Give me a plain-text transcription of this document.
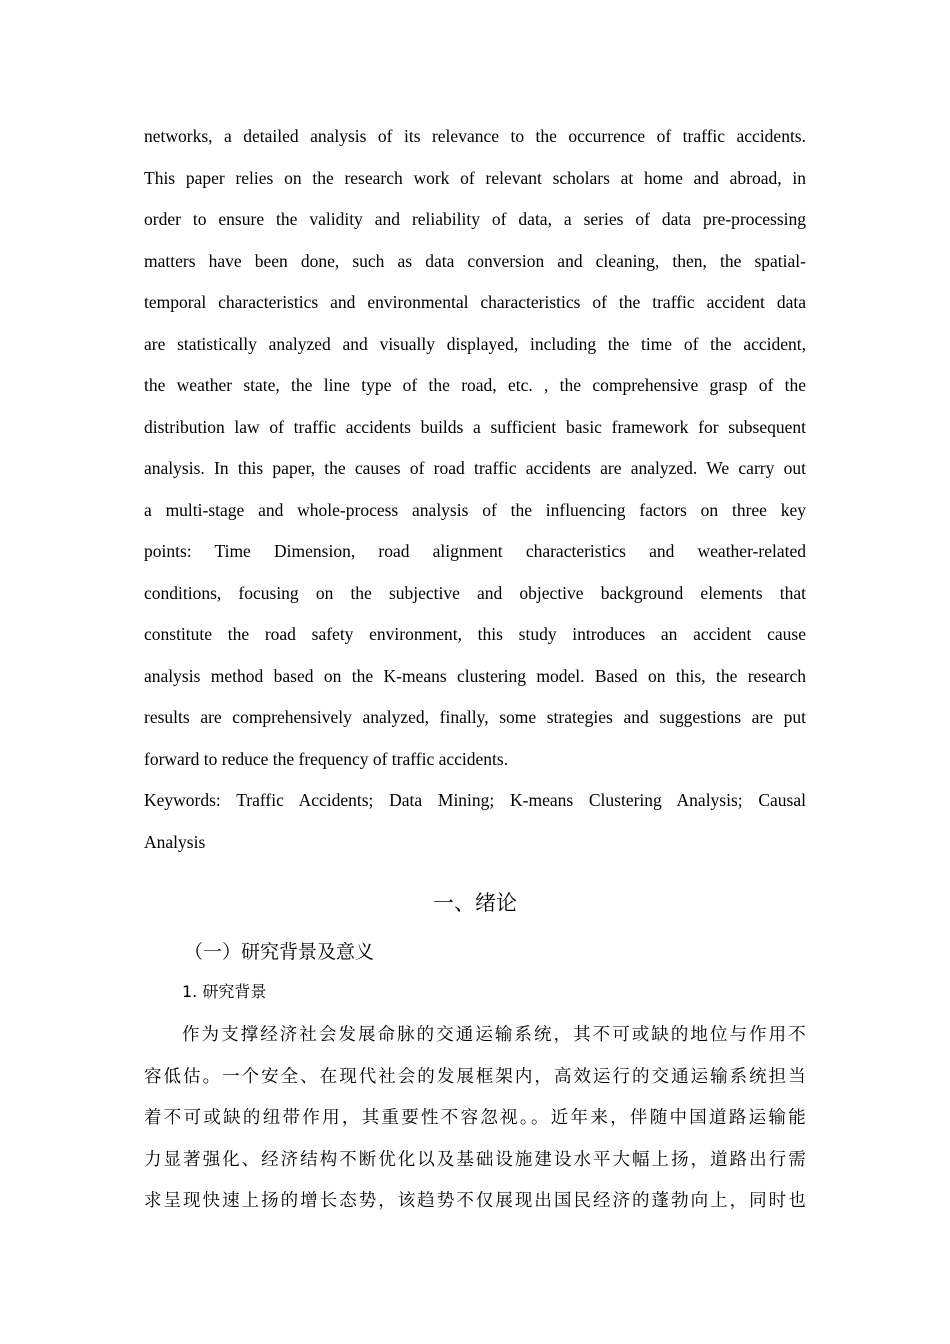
networks, a detailed analysis of its relevance to the occurrence of traffic accidents.
This paper relies on the research work of relevant scholars at home and abroad, in
order to ensure the validity and reliability of data, a series of data pre-processing
matters have been done, such as data conversion and cleaning, then, the spatial-
temporal characteristics and environmental characteristics of the traffic accident data
are statistically analyzed and visually displayed, including the time of the accident,
the weather state, the line type of the road, etc. , the comprehensive grasp of the
distribution law of traffic accidents builds a sufficient basic framework for subsequent
analysis. In this paper, the causes of road traffic accidents are analyzed. We carry out
a multi-stage and whole-process analysis of the influencing factors on three key
points: Time Dimension, road alignment characteristics and weather-related
conditions, focusing on the subjective and objective background elements that
constitute the road safety environment, this study introduces an accident cause
analysis method based on the K-means clustering model. Based on this, the research
results are comprehensively analyzed, finally, some strategies and suggestions are put
forward to reduce the frequency of traffic accidents.
Keywords: Traffic Accidents; Data Mining; K-means Clustering Analysis; Causal
Analysis
一、绪论
（一）研究背景及意义
1. 研究背景
作为支撑经济社会发展命脉的交通运输系统，其不可或缺的地位与作用不
容低估。一个安全、在现代社会的发展框架内，高效运行的交通运输系统担当
着不可或缺的纽带作用，其重要性不容忽视。。近年来，伴随中国道路运输能
力显著强化、经济结构不断优化以及基础设施建设水平大幅上扬，道路出行需
求呈现快速上扬的增长态势，该趋势不仅展现出国民经济的蓬勃向上，同时也
